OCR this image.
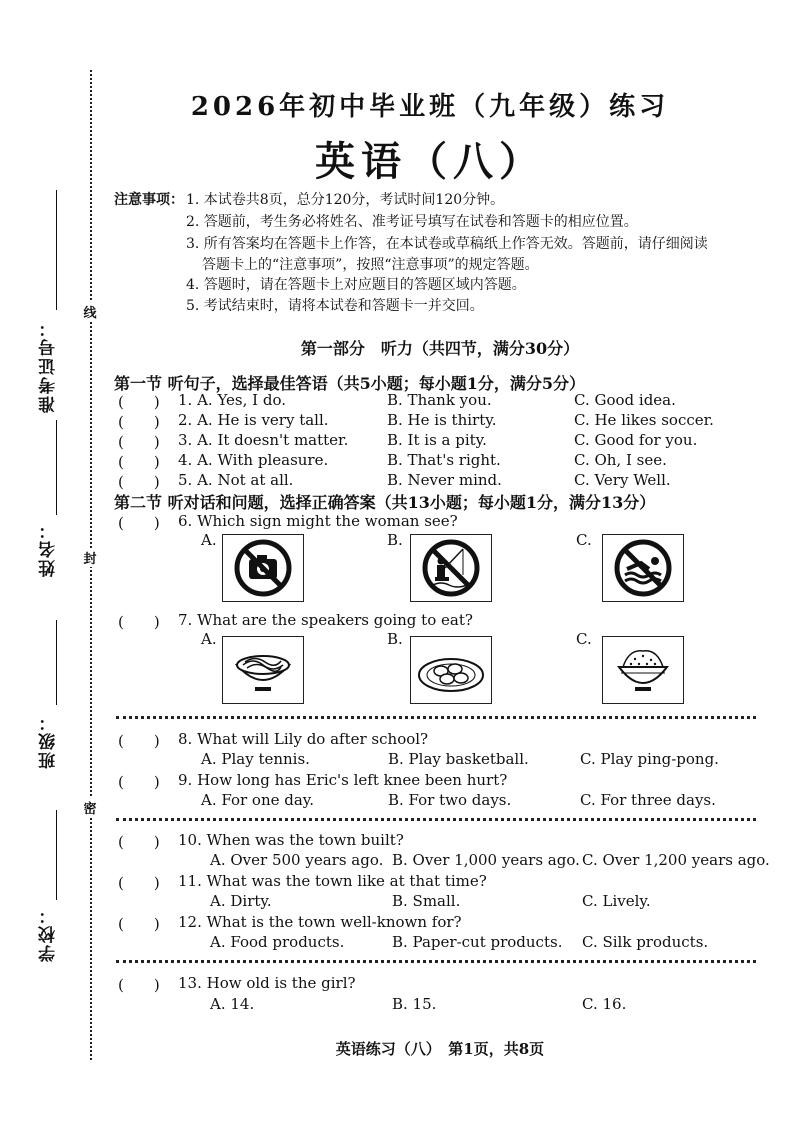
准考证号：
姓名：
班级：
学校：
线
封
密
2026年初中毕业班（九年级）练习
英语（八）
注意事项： 1. 本试卷共8页，总分120分，考试时间120分钟。
2. 答题前，考生务必将姓名、准考证号填写在试卷和答题卡的相应位置。
3. 所有答案均在答题卡上作答，在本试卷或草稿纸上作答无效。答题前，请仔细阅读
答题卡上的“注意事项”，按照“注意事项”的规定答题。
4. 答题时，请在答题卡上对应题目的答题区域内答题。
5. 考试结束时，请将本试卷和答题卡一并交回。
第一部分　听力（共四节，满分30分）
第一节 听句子，选择最佳答语（共5小题；每小题1分，满分5分）
(　　) 1. A. Yes, I do.	B. Thank you.	C. Good idea.
(　　) 2. A. He is very tall.	B. He is thirty.	C. He likes soccer.
(　　) 3. A. It doesn't matter.	B. It is a pity.	C. Good for you.
(　　) 4. A. With pleasure.	B. That's right.	C. Oh, I see.
(　　) 5. A. Not at all.	B. Never mind.	C. Very Well.
第二节 听对话和问题，选择正确答案（共13小题；每小题1分，满分13分）
(　　) 6. Which sign might the woman see?
A.	B.	C.
(　　) 7. What are the speakers going to eat?
A.	B.	C.
(　　) 8. What will Lily do after school?
A. Play tennis.	B. Play basketball.	C. Play ping-pong.
(　　) 9. How long has Eric's left knee been hurt?
A. For one day.	B. For two days.	C. For three days.
(　　) 10. When was the town built?
A. Over 500 years ago. B. Over 1,000 years ago. C. Over 1,200 years ago.
(　　) 11. What was the town like at that time?
A. Dirty.	B. Small.	C. Lively.
(　　) 12. What is the town well-known for?
A. Food products.	B. Paper-cut products. C. Silk products.
(　　) 13. How old is the girl?
A. 14.	B. 15.	C. 16.
英语练习（八）　第1页，共8页
